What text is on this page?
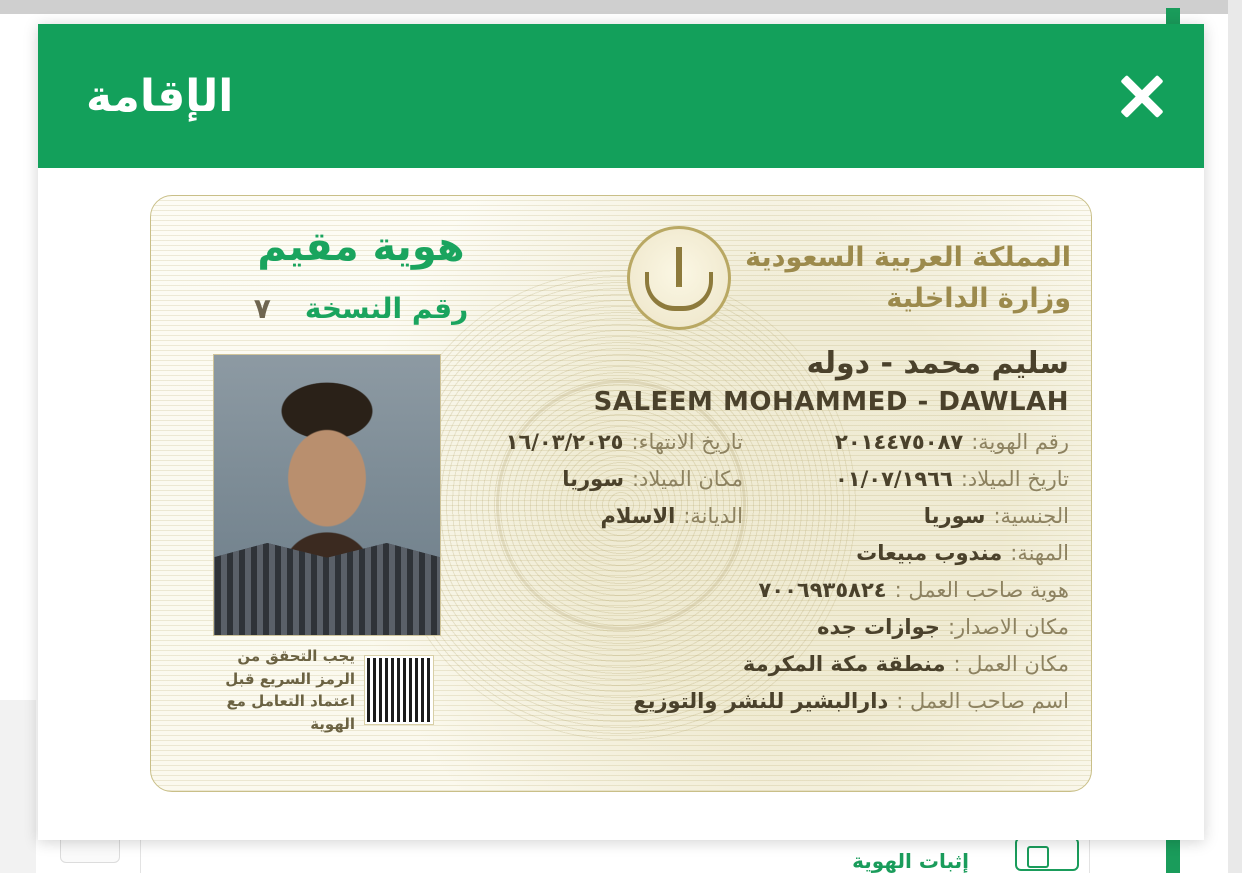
إثبات الهوية
الإقامة
هوية مقيم
رقم النسخة
٧
المملكة العربية السعودية
وزارة الداخلية
يجب التحقق من الرمز السريع قبل اعتماد التعامل مع الهوية
سليم محمد - دوله
SALEEM MOHAMMED - DAWLAH
رقم الهوية:
٢٠١٤٤٧٥٠٨٧
تاريخ الانتهاء:
١٦/٠٣/٢٠٢٥
تاريخ الميلاد:
٠١/٠٧/١٩٦٦
مكان الميلاد:
سوريا
الجنسية:
سوريا
الديانة:
الاسلام
المهنة:
مندوب مبيعات
هوية صاحب العمل :
٧٠٠٦٩٣٥٨٢٤
مكان الاصدار:
جوازات جده
مكان العمل :
منطقة مكة المكرمة
اسم صاحب العمل :
دارالبشير للنشر والتوزيع
